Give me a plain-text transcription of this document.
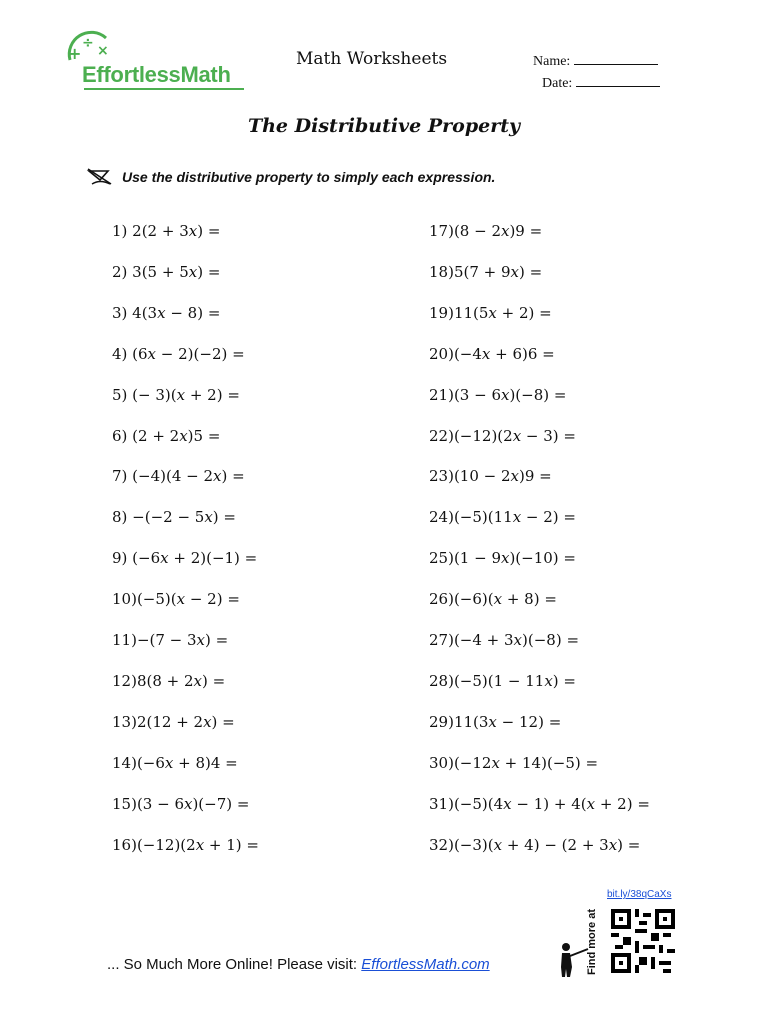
+
÷ ×
EffortlessMath
Math Worksheets	Name:
Date:
The Distributive Property
Use the distributive property to simply each expression.
1) 2(2 + 3𝑥) =
2) 3(5 + 5𝑥) =
3) 4(3𝑥 − 8) =
4) (6𝑥 − 2)(−2) =
5) (− 3)(𝑥 + 2) =
6) (2 + 2𝑥)5 =
7) (−4)(4 − 2𝑥) =
8) −(−2 − 5𝑥) =
9) (−6𝑥 + 2)(−1) =
10)(−5)(𝑥 − 2) =
11)−(7 − 3𝑥) =
12)8(8 + 2𝑥) =
13)2(12 + 2𝑥) =
14)(−6𝑥 + 8)4 =
15)(3 − 6𝑥)(−7) =
16)(−12)(2𝑥 + 1) =
17)(8 − 2𝑥)9 =
18)5(7 + 9𝑥) =
19)11(5𝑥 + 2) =
20)(−4𝑥 + 6)6 =
21)(3 − 6𝑥)(−8) =
22)(−12)(2𝑥 − 3) =
23)(10 − 2𝑥)9 =
24)(−5)(11𝑥 − 2) =
25)(1 − 9𝑥)(−10) =
26)(−6)(𝑥 + 8) =
27)(−4 + 3𝑥)(−8) =
28)(−5)(1 − 11𝑥) =
29)11(3𝑥 − 12) =
30)(−12𝑥 + 14)(−5) =
31)(−5)(4𝑥 − 1) + 4(𝑥 + 2) =
32)(−3)(𝑥 + 4) − (2 + 3𝑥) =
bit.ly/38qCaXs
Find more at
... So Much More Online! Please visit: EffortlessMath.com
